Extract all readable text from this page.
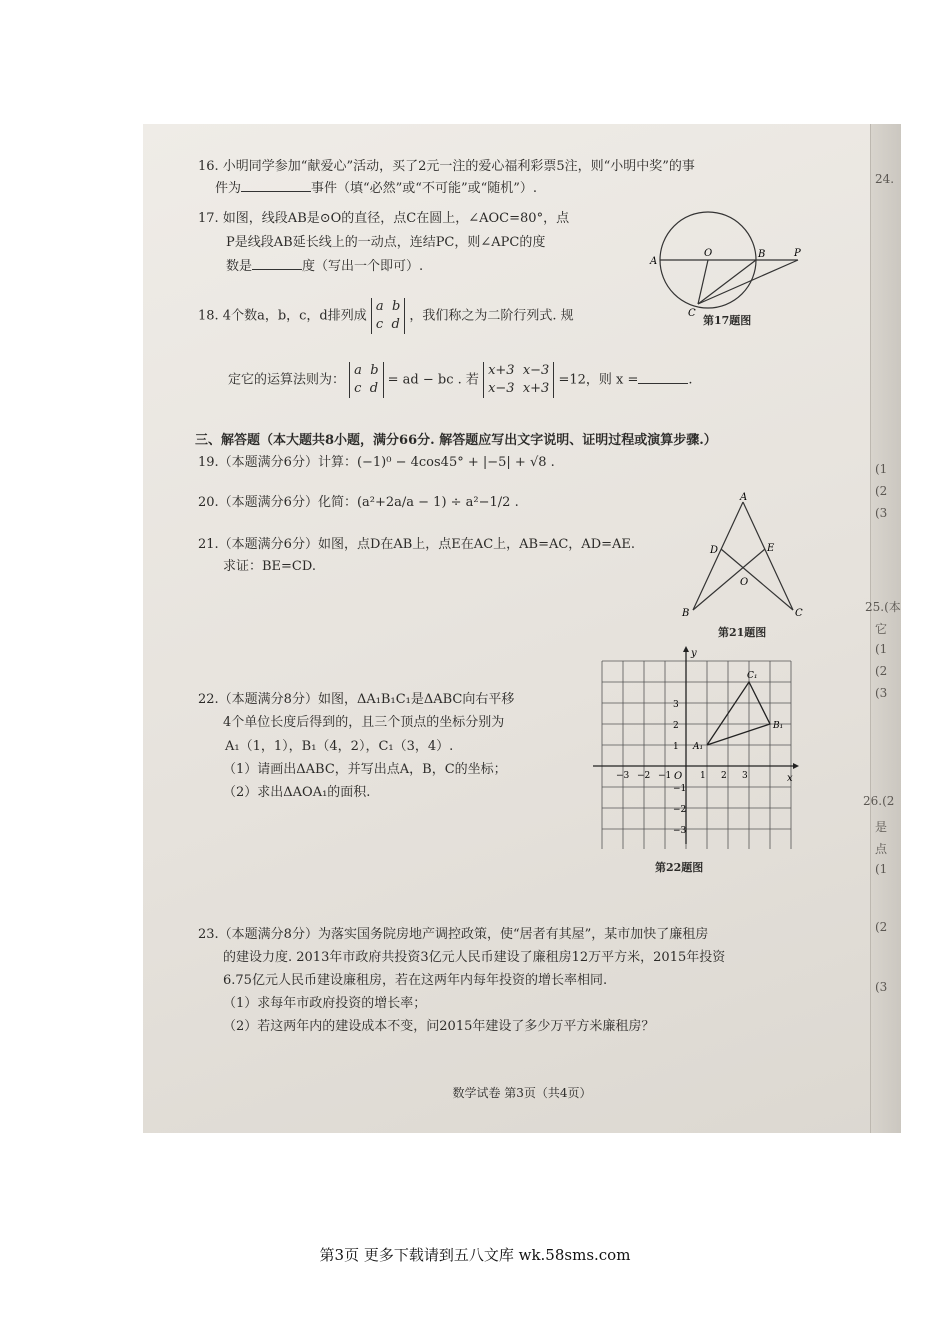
16. 小明同学参加“献爱心”活动，买了2元一注的爱心福利彩票5注，则“小明中奖”的事
件为	事件（填“必然”或“不可能”或“随机”）.
17. 如图，线段AB是⊙O的直径，点C在圆上，∠AOC=80°，点
P是线段AB延长线上的一动点，连结PC，则∠APC的度
数是	度（写出一个即可）.	A
O	B	P
C
第17题图
18. 4个数a，b，c，d排列成 a b
c d ，我们称之为二阶行列式. 规
定它的运算法则为： a b
c d = ad − bc . 若 x+3 x−3
x−3 x+3 =12，则 x =	.
三、解答题（本大题共8小题，满分66分. 解答题应写出文字说明、证明过程或演算步骤.）
19.（本题满分6分）计算：(−1)⁰ − 4cos45° + |−5| + √8 .
20.（本题满分6分）化简：(a²+2a/a − 1) ÷ a²−1/2 .
21.（本题满分6分）如图，点D在AB上，点E在AC上，AB=AC，AD=AE.
求证：BE=CD.
A
D	E
O
B	C
第21题图
22.（本题满分8分）如图，ΔA₁B₁C₁是ΔABC向右平移
4个单位长度后得到的，且三个顶点的坐标分别为
A₁（1，1），B₁（4，2），C₁（3，4）.
（1）请画出ΔABC，并写出点A，B，C的坐标；
（2）求出ΔAOA₁的面积.
x
y
O
−3 −2 −1	1 2 3
3
2
1
−1
−2
−3
A₁
B₁
C₁
第22题图
23.（本题满分8分）为落实国务院房地产调控政策，使“居者有其屋”，某市加快了廉租房
的建设力度. 2013年市政府共投资3亿元人民币建设了廉租房12万平方米，2015年投资
6.75亿元人民币建设廉租房，若在这两年内每年投资的增长率相同.
（1）求每年市政府投资的增长率；
（2）若这两年内的建设成本不变，问2015年建设了多少万平方米廉租房？
数学试卷 第3页（共4页）
24.
(1
(2
(3
25.(本
它
(1
(2
(3
26.(2
是
点
(1
(2
(3
第3页 更多下载请到五八文库 wk.58sms.com
